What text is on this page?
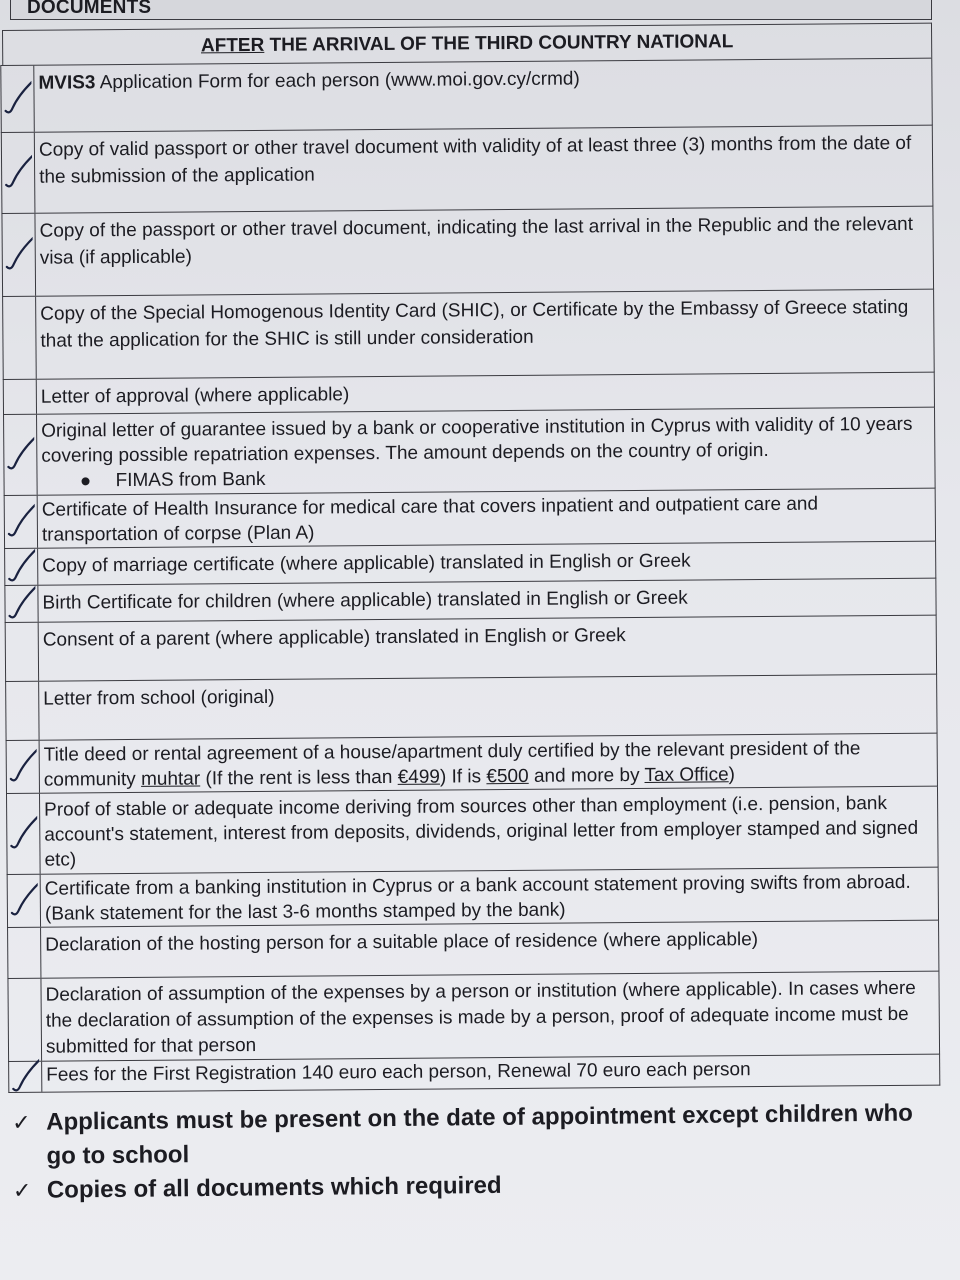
DOCUMENTS
AFTER THE ARRIVAL OF THE THIRD COUNTRY NATIONAL
MVIS3 Application Form for each person (www.moi.gov.cy/crmd)
Copy of valid passport or other travel document with validity of at least three (3) months from the date of the submission of the application
Copy of the passport or other travel document, indicating the last arrival in the Republic and the relevant visa (if applicable)
Copy of the Special Homogenous Identity Card (SHIC), or Certificate by the Embassy of Greece stating that the application for the SHIC is still under consideration
Letter of approval (where applicable)
Original letter of guarantee issued by a bank or cooperative institution in Cyprus with validity of 10 years covering possible repatriation expenses. The amount depends on the country of origin.
FIMAS from Bank
Certificate of Health Insurance for medical care that covers inpatient and outpatient care and transportation of corpse (Plan A)
Copy of marriage certificate (where applicable) translated in English or Greek
Birth Certificate for children (where applicable) translated in English or Greek
Consent of a parent (where applicable) translated in English or Greek
Letter from school (original)
Title deed or rental agreement of a house/apartment duly certified by the relevant president of the community muhtar (If the rent is less than €499) If is €500 and more by Tax Office)
Proof of stable or adequate income deriving from sources other than employment (i.e. pension, bank account's statement, interest from deposits, dividends, original letter from employer stamped and signed etc)
Certificate from a banking institution in Cyprus or a bank account statement proving swifts from abroad. (Bank statement for the last 3-6 months stamped by the bank)
Declaration of the hosting person for a suitable place of residence (where applicable)
Declaration of assumption of the expenses by a person or institution (where applicable). In cases where the declaration of assumption of the expenses is made by a person, proof of adequate income must be submitted for that person
Fees for the First Registration 140 euro each person, Renewal 70 euro each person
✓ Applicants must be present on the date of appointment except children who go to school
✓ Copies of all documents which required
